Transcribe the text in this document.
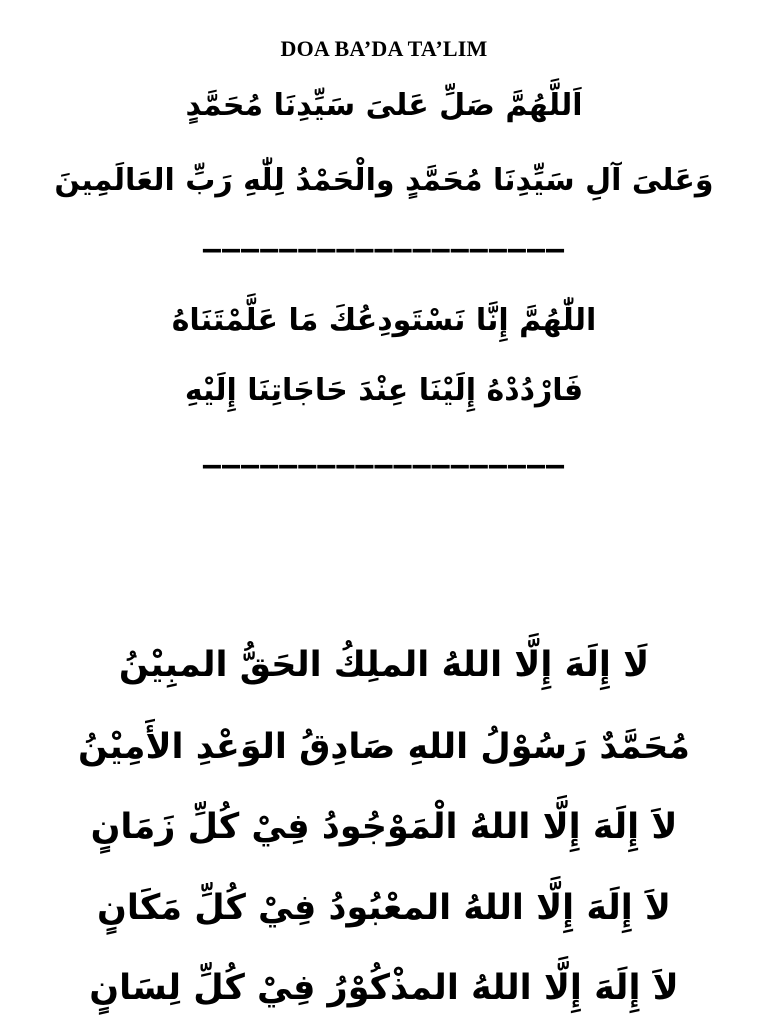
DOA BA’DA TA’LIM
اَللَّهُمَّ صَلِّ عَلىَ سَيِّدِنَا مُحَمَّدٍ
وَعَلىَ آلِ سَيِّدِنَا مُحَمَّدٍ والْحَمْدُ لِلّٰهِ رَبِّ العَالَمِينَ
———————————————————
اللّٰهُمَّ إِنَّا نَسْتَودِعُكَ مَا عَلَّمْتَنَاهُ
فَارْدُدْهُ إِلَيْنَا عِنْدَ حَاجَاتِنَا إِلَيْهِ
———————————————————
لَا إِلَهَ إِلَّا اللهُ الملِكُ الحَقُّ المبِيْنُ
مُحَمَّدٌ رَسُوْلُ اللهِ صَادِقُ الوَعْدِ الأَمِيْنُ
لاَ إِلَهَ إِلَّا اللهُ الْمَوْجُودُ فِيْ كُلِّ زَمَانٍ
لاَ إِلَهَ إِلَّا اللهُ المعْبُودُ فِيْ كُلِّ مَكَانٍ
لاَ إِلَهَ إِلَّا اللهُ المذْكُوْرُ فِيْ كُلِّ لِسَانٍ
